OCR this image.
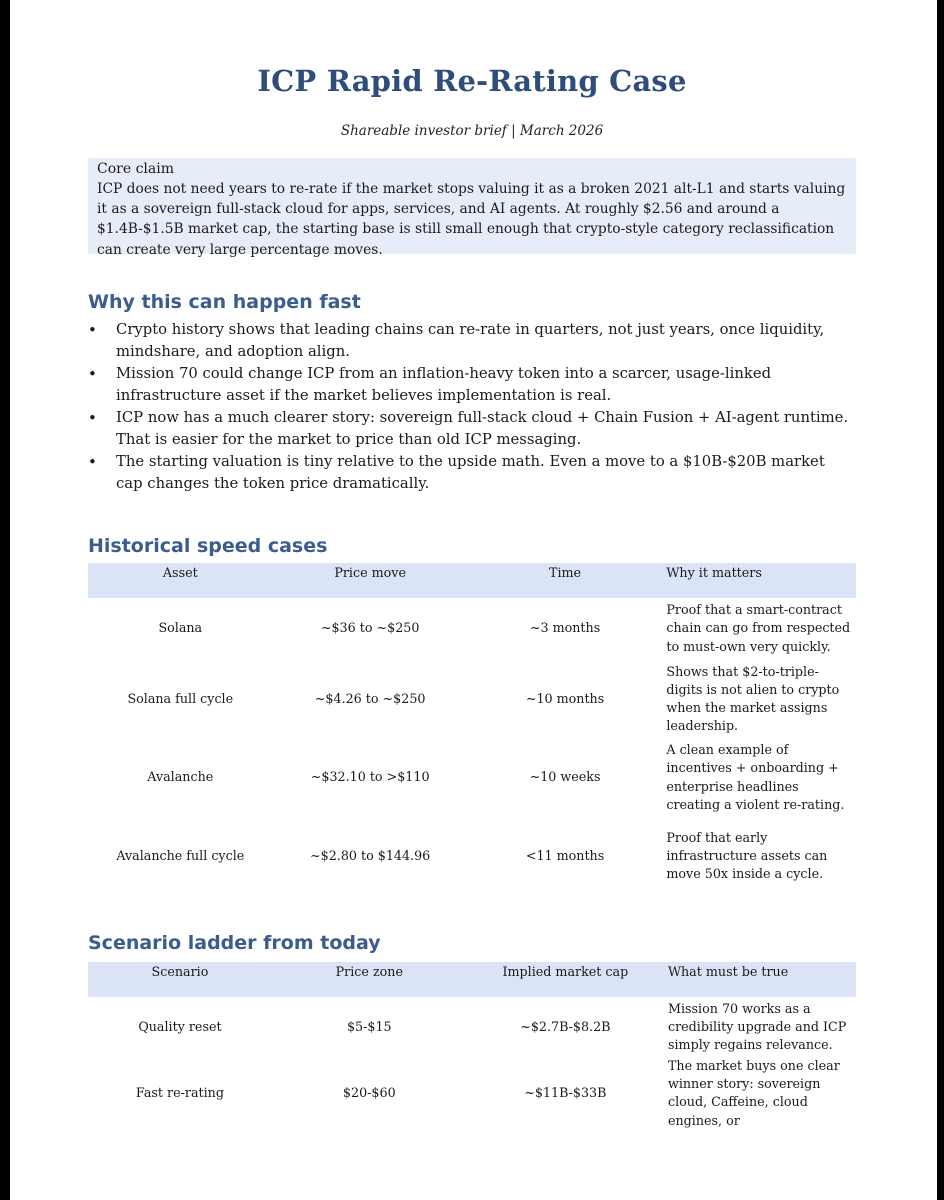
ICP Rapid Re-Rating Case
Shareable investor brief | March 2026
Core claim
ICP does not need years to re-rate if the market stops valuing it as a broken 2021 alt-L1 and starts valuing it as a sovereign full-stack cloud for apps, services, and AI agents. At roughly $2.56 and around a $1.4B-$1.5B market cap, the starting base is still small enough that crypto-style category reclassification can create very large percentage moves.
Why this can happen fast
• Crypto history shows that leading chains can re-rate in quarters, not just years, once liquidity, mindshare, and adoption align.
• Mission 70 could change ICP from an inflation-heavy token into a scarcer, usage-linked infrastructure asset if the market believes implementation is real.
• ICP now has a much clearer story: sovereign full-stack cloud + Chain Fusion + AI-agent runtime. That is easier for the market to price than old ICP messaging.
• The starting valuation is tiny relative to the upside math. Even a move to a $10B-$20B market cap changes the token price dramatically.
Historical speed cases
Asset	Price move	Time	Why it matters
Solana	~$36 to ~$250	~3 months	Proof that a smart-contract chain can go from respected to must-own very quickly.
Solana full cycle	~$4.26 to ~$250	~10 months	Shows that $2-to-triple-digits is not alien to crypto when the market assigns leadership.
Avalanche	~$32.10 to >$110	~10 weeks	A clean example of incentives + onboarding + enterprise headlines creating a violent re-rating.
Avalanche full cycle	~$2.80 to $144.96	<11 months	Proof that early infrastructure assets can move 50x inside a cycle.
Scenario ladder from today
Scenario	Price zone	Implied market cap	What must be true
Quality reset	$5-$15	~$2.7B-$8.2B	Mission 70 works as a credibility upgrade and ICP simply regains relevance.
Fast re-rating	$20-$60	~$11B-$33B	The market buys one clear winner story: sovereign cloud, Caffeine, cloud engines, or
